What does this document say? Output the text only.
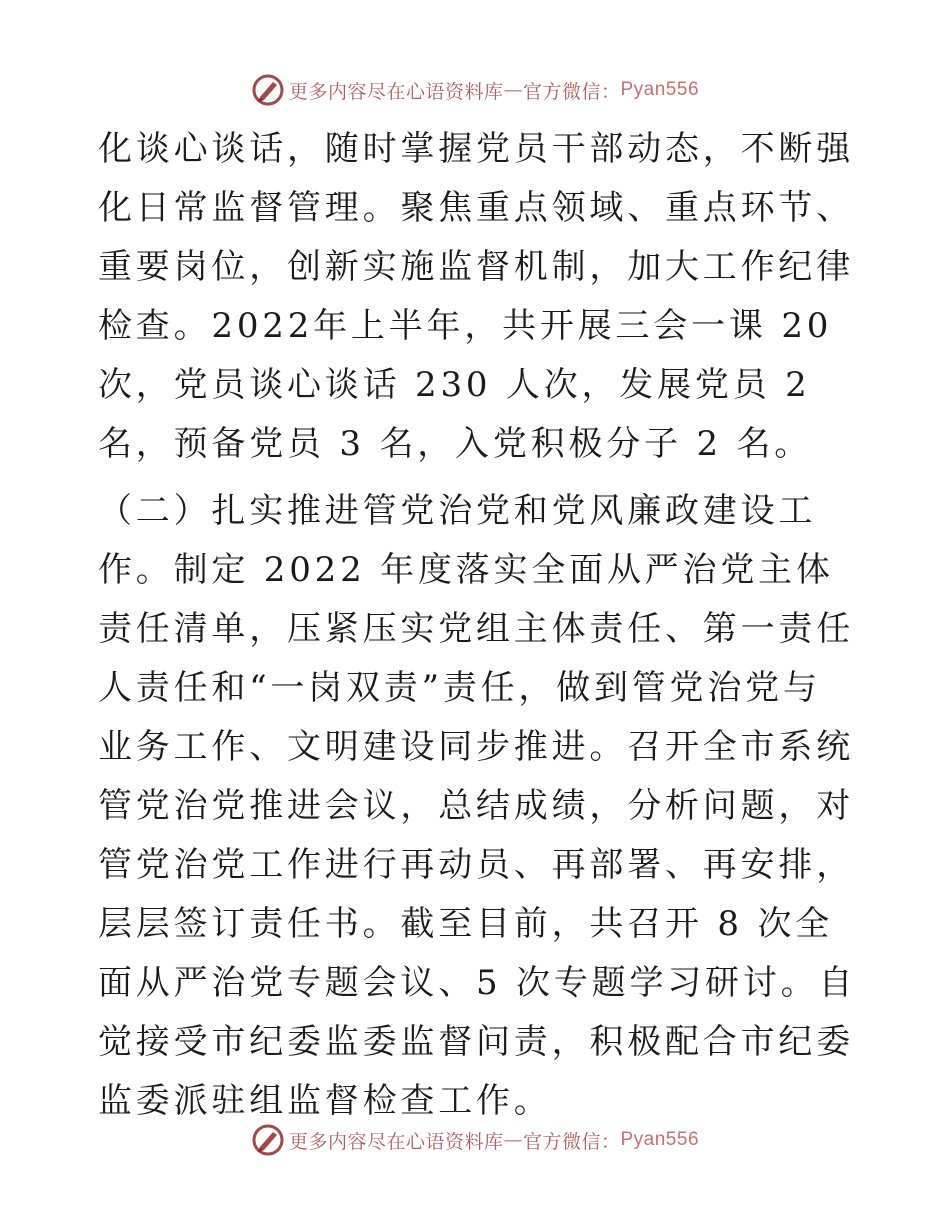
更多内容尽在心语资料库 — 官方微信： Pyan556

化谈心谈话，随时掌握党员干部动态，不断强化日常监督管理。聚焦重点领域、重点环节、重要岗位，创新实施监督机制，加大工作纪律检查。2022年上半年，共开展三会一课 20 次，党员谈心谈话 230 人次，发展党员 2 名，预备党员 3 名，入党积极分子 2 名。

（二）扎实推进管党治党和党风廉政建设工作。制定 2022 年度落实全面从严治党主体责任清单，压紧压实党组主体责任、第一责任人责任和“一岗双责”责任，做到管党治党与业务工作、文明建设同步推进。召开全市系统管党治党推进会议，总结成绩，分析问题，对管党治党工作进行再动员、再部署、再安排，层层签订责任书。截至目前，共召开 8 次全面从严治党专题会议、5 次专题学习研讨。自觉接受市纪委监委监督问责，积极配合市纪委监委派驻组监督检查工作。

更多内容尽在心语资料库 — 官方微信： Pyan556
